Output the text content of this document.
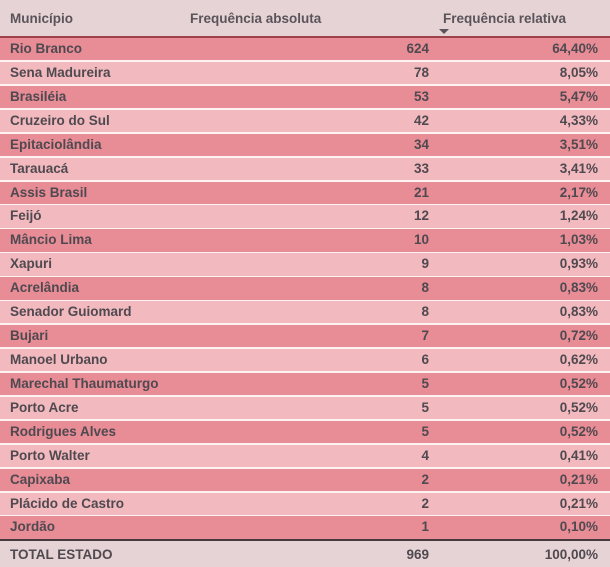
Município	Frequência absoluta	Frequência relativa
Rio Branco	624	64,40%
Sena Madureira	78	8,05%
Brasiléia	53	5,47%
Cruzeiro do Sul	42	4,33%
Epitaciolândia	34	3,51%
Tarauacá	33	3,41%
Assis Brasil	21	2,17%
Feijó	12	1,24%
Mâncio Lima	10	1,03%
Xapuri	9	0,93%
Acrelândia	8	0,83%
Senador Guiomard	8	0,83%
Bujari	7	0,72%
Manoel Urbano	6	0,62%
Marechal Thaumaturgo	5	0,52%
Porto Acre	5	0,52%
Rodrigues Alves	5	0,52%
Porto Walter	4	0,41%
Capixaba	2	0,21%
Plácido de Castro	2	0,21%
Jordão	1	0,10%
TOTAL ESTADO	969	100,00%
